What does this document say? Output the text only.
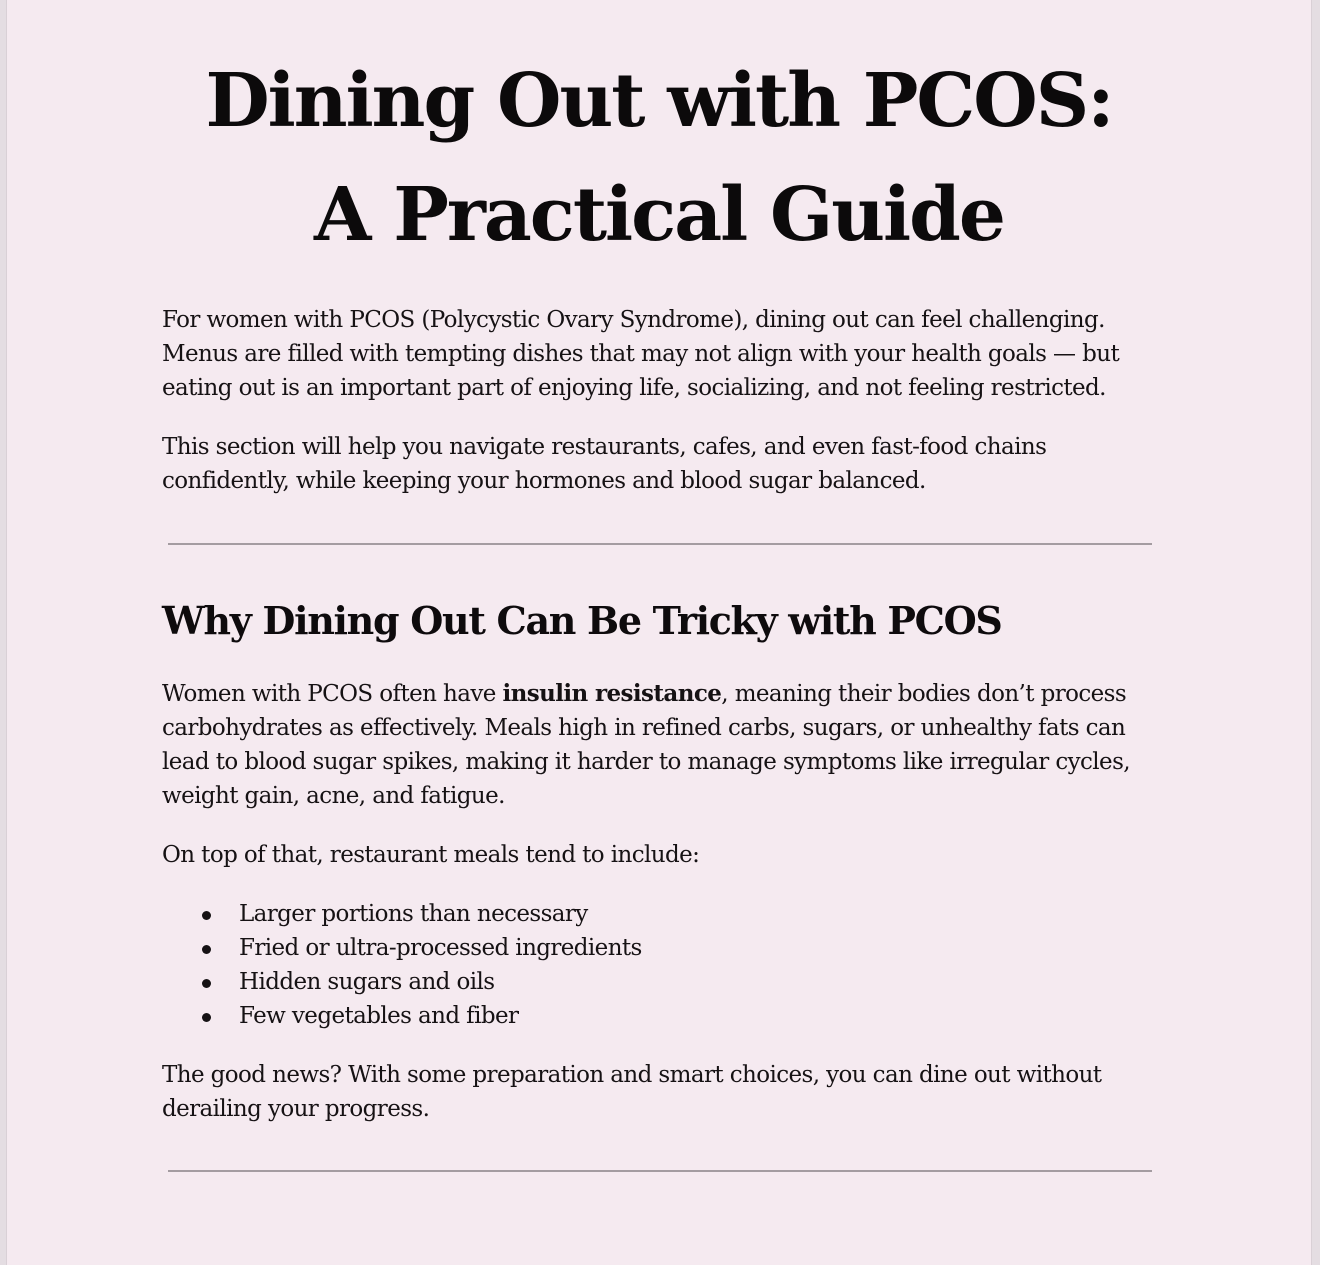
Dining Out with PCOS:
A Practical Guide

For women with PCOS (Polycystic Ovary Syndrome), dining out can feel challenging. Menus are filled with tempting dishes that may not align with your health goals — but eating out is an important part of enjoying life, socializing, and not feeling restricted.

This section will help you navigate restaurants, cafes, and even fast-food chains confidently, while keeping your hormones and blood sugar balanced.

Why Dining Out Can Be Tricky with PCOS

Women with PCOS often have insulin resistance, meaning their bodies don’t process carbohydrates as effectively. Meals high in refined carbs, sugars, or unhealthy fats can lead to blood sugar spikes, making it harder to manage symptoms like irregular cycles, weight gain, acne, and fatigue.

On top of that, restaurant meals tend to include:

Larger portions than necessary
Fried or ultra-processed ingredients
Hidden sugars and oils
Few vegetables and fiber

The good news? With some preparation and smart choices, you can dine out without derailing your progress.
